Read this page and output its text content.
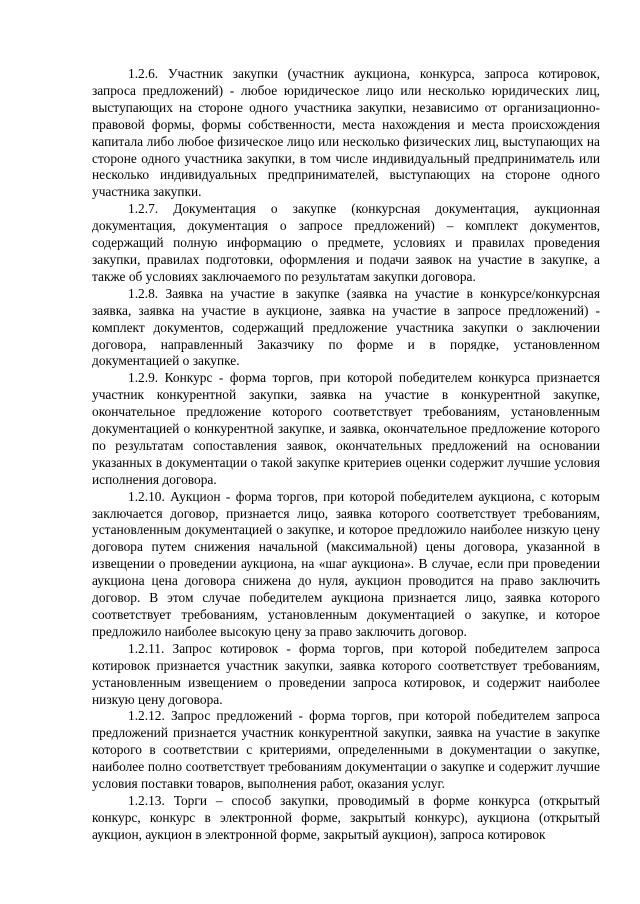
1.2.6. Участник закупки (участник аукциона, конкурса, запроса котировок, запроса предложений) - любое юридическое лицо или несколько юридических лиц, выступающих на стороне одного участника закупки, независимо от организационно-правовой формы, формы собственности, места нахождения и места происхождения капитала либо любое физическое лицо или несколько физических лиц, выступающих на стороне одного участника закупки, в том числе индивидуальный предприниматель или несколько индивидуальных предпринимателей, выступающих на стороне одного участника закупки.

1.2.7. Документация о закупке (конкурсная документация, аукционная документация, документация о запросе предложений) – комплект документов, содержащий полную информацию о предмете, условиях и правилах проведения закупки, правилах подготовки, оформления и подачи заявок на участие в закупке, а также об условиях заключаемого по результатам закупки договора.

1.2.8. Заявка на участие в закупке (заявка на участие в конкурсе/конкурсная заявка, заявка на участие в аукционе, заявка на участие в запросе предложений) - комплект документов, содержащий предложение участника закупки о заключении договора, направленный Заказчику по форме и в порядке, установленном документацией о закупке.

1.2.9. Конкурс - форма торгов, при которой победителем конкурса признается участник конкурентной закупки, заявка на участие в конкурентной закупке, окончательное предложение которого соответствует требованиям, установленным документацией о конкурентной закупке, и заявка, окончательное предложение которого по результатам сопоставления заявок, окончательных предложений на основании указанных в документации о такой закупке критериев оценки содержит лучшие условия исполнения договора.

1.2.10. Аукцион - форма торгов, при которой победителем аукциона, с которым заключается договор, признается лицо, заявка которого соответствует требованиям, установленным документацией о закупке, и которое предложило наиболее низкую цену договора путем снижения начальной (максимальной) цены договора, указанной в извещении о проведении аукциона, на «шаг аукциона». В случае, если при проведении аукциона цена договора снижена до нуля, аукцион проводится на право заключить договор. В этом случае победителем аукциона признается лицо, заявка которого соответствует требованиям, установленным документацией о закупке, и которое предложило наиболее высокую цену за право заключить договор.

1.2.11. Запрос котировок - форма торгов, при которой победителем запроса котировок признается участник закупки, заявка которого соответствует требованиям, установленным извещением о проведении запроса котировок, и содержит наиболее низкую цену договора.

1.2.12. Запрос предложений - форма торгов, при которой победителем запроса предложений признается участник конкурентной закупки, заявка на участие в закупке которого в соответствии с критериями, определенными в документации о закупке, наиболее полно соответствует требованиям документации о закупке и содержит лучшие условия поставки товаров, выполнения работ, оказания услуг.

1.2.13. Торги – способ закупки, проводимый в форме конкурса (открытый конкурс, конкурс в электронной форме, закрытый конкурс), аукциона (открытый аукцион, аукцион в электронной форме, закрытый аукцион), запроса котировок
